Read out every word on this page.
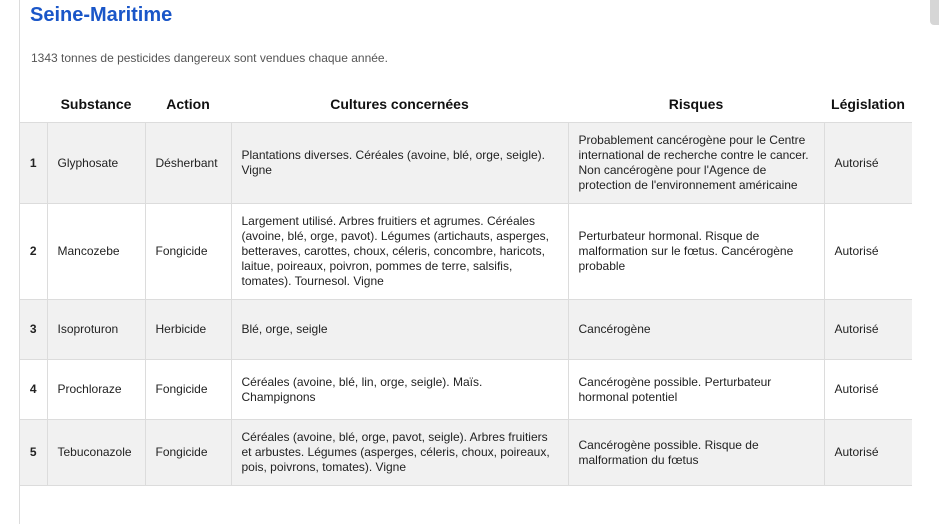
Seine-Maritime
1343 tonnes de pesticides dangereux sont vendues chaque année.
	Substance	Action	Cultures concernées	Risques	Législation
1	Glyphosate	Désherbant	Plantations diverses. Céréales (avoine, blé, orge, seigle). Vigne	Probablement cancérogène pour le Centre international de recherche contre le cancer. Non cancérogène pour l'Agence de protection de l'environnement américaine	Autorisé
2	Mancozebe	Fongicide	Largement utilisé. Arbres fruitiers et agrumes. Céréales (avoine, blé, orge, pavot). Légumes (artichauts, asperges, betteraves, carottes, choux, céleris, concombre, haricots, laitue, poireaux, poivron, pommes de terre, salsifis, tomates). Tournesol. Vigne	Perturbateur hormonal. Risque de malformation sur le fœtus. Cancérogène probable	Autorisé
3	Isoproturon	Herbicide	Blé, orge, seigle	Cancérogène	Autorisé
4	Prochloraze	Fongicide	Céréales (avoine, blé, lin, orge, seigle). Maïs. Champignons	Cancérogène possible. Perturbateur hormonal potentiel	Autorisé
5	Tebuconazole	Fongicide	Céréales (avoine, blé, orge, pavot, seigle). Arbres fruitiers et arbustes. Légumes (asperges, céleris, choux, poireaux, pois, poivrons, tomates). Vigne	Cancérogène possible. Risque de malformation du fœtus	Autorisé
